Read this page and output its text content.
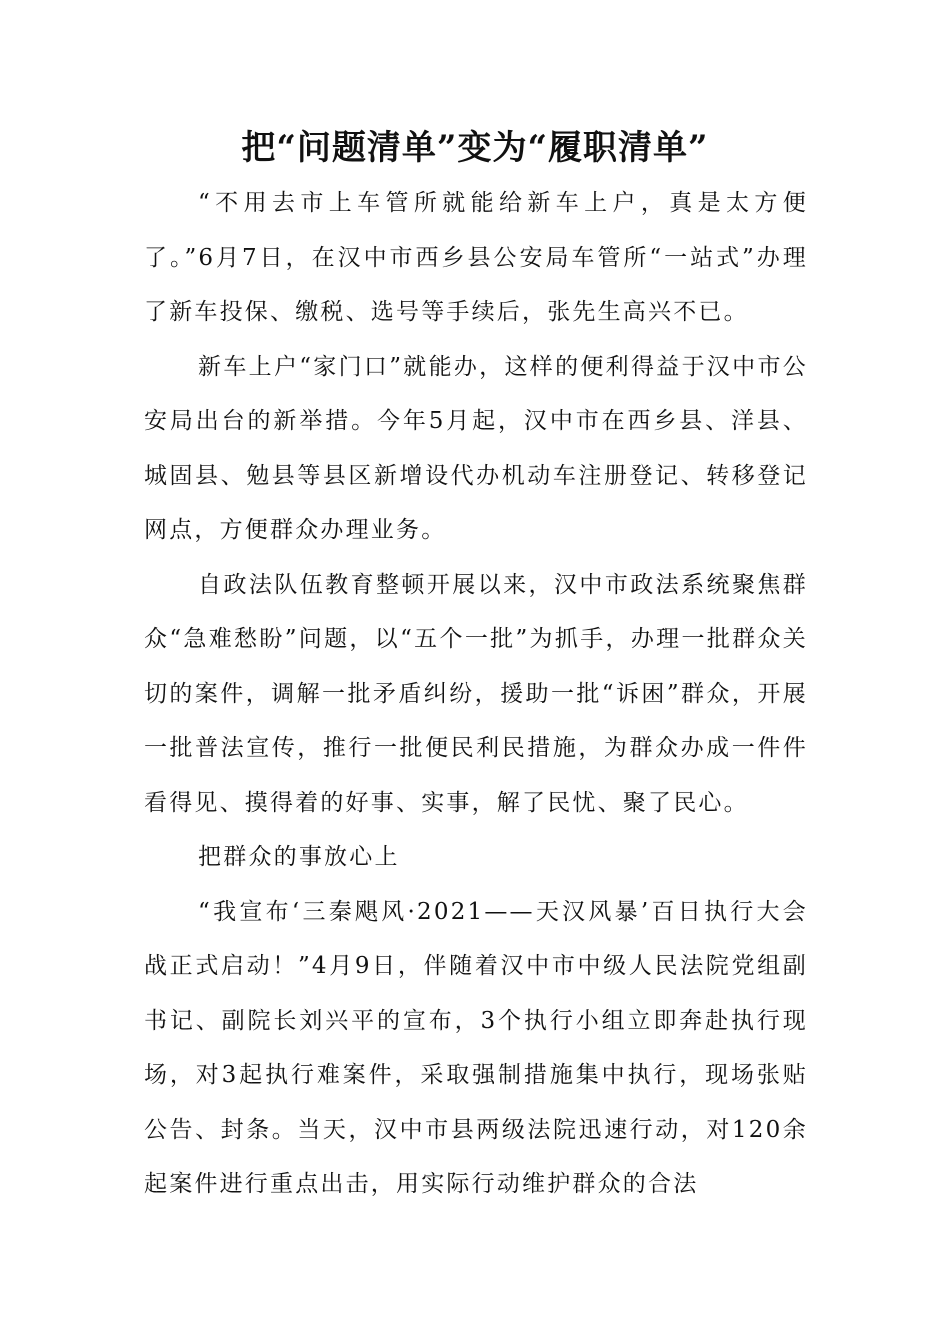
把“问题清单”变为“履职清单”

“不用去市上车管所就能给新车上户，真是太方便了。”6月7日，在汉中市西乡县公安局车管所“一站式”办理了新车投保、缴税、选号等手续后，张先生高兴不已。

新车上户“家门口”就能办，这样的便利得益于汉中市公安局出台的新举措。今年5月起，汉中市在西乡县、洋县、城固县、勉县等县区新增设代办机动车注册登记、转移登记网点，方便群众办理业务。

自政法队伍教育整顿开展以来，汉中市政法系统聚焦群众“急难愁盼”问题，以“五个一批”为抓手，办理一批群众关切的案件，调解一批矛盾纠纷，援助一批“诉困”群众，开展一批普法宣传，推行一批便民利民措施，为群众办成一件件看得见、摸得着的好事、实事，解了民忧、聚了民心。

把群众的事放心上

“我宣布‘三秦飓风·2021——天汉风暴’百日执行大会战正式启动！”4月9日，伴随着汉中市中级人民法院党组副书记、副院长刘兴平的宣布，3个执行小组立即奔赴执行现场，对3起执行难案件，采取强制措施集中执行，现场张贴公告、封条。当天，汉中市县两级法院迅速行动，对120余起案件进行重点出击，用实际行动维护群众的合法
